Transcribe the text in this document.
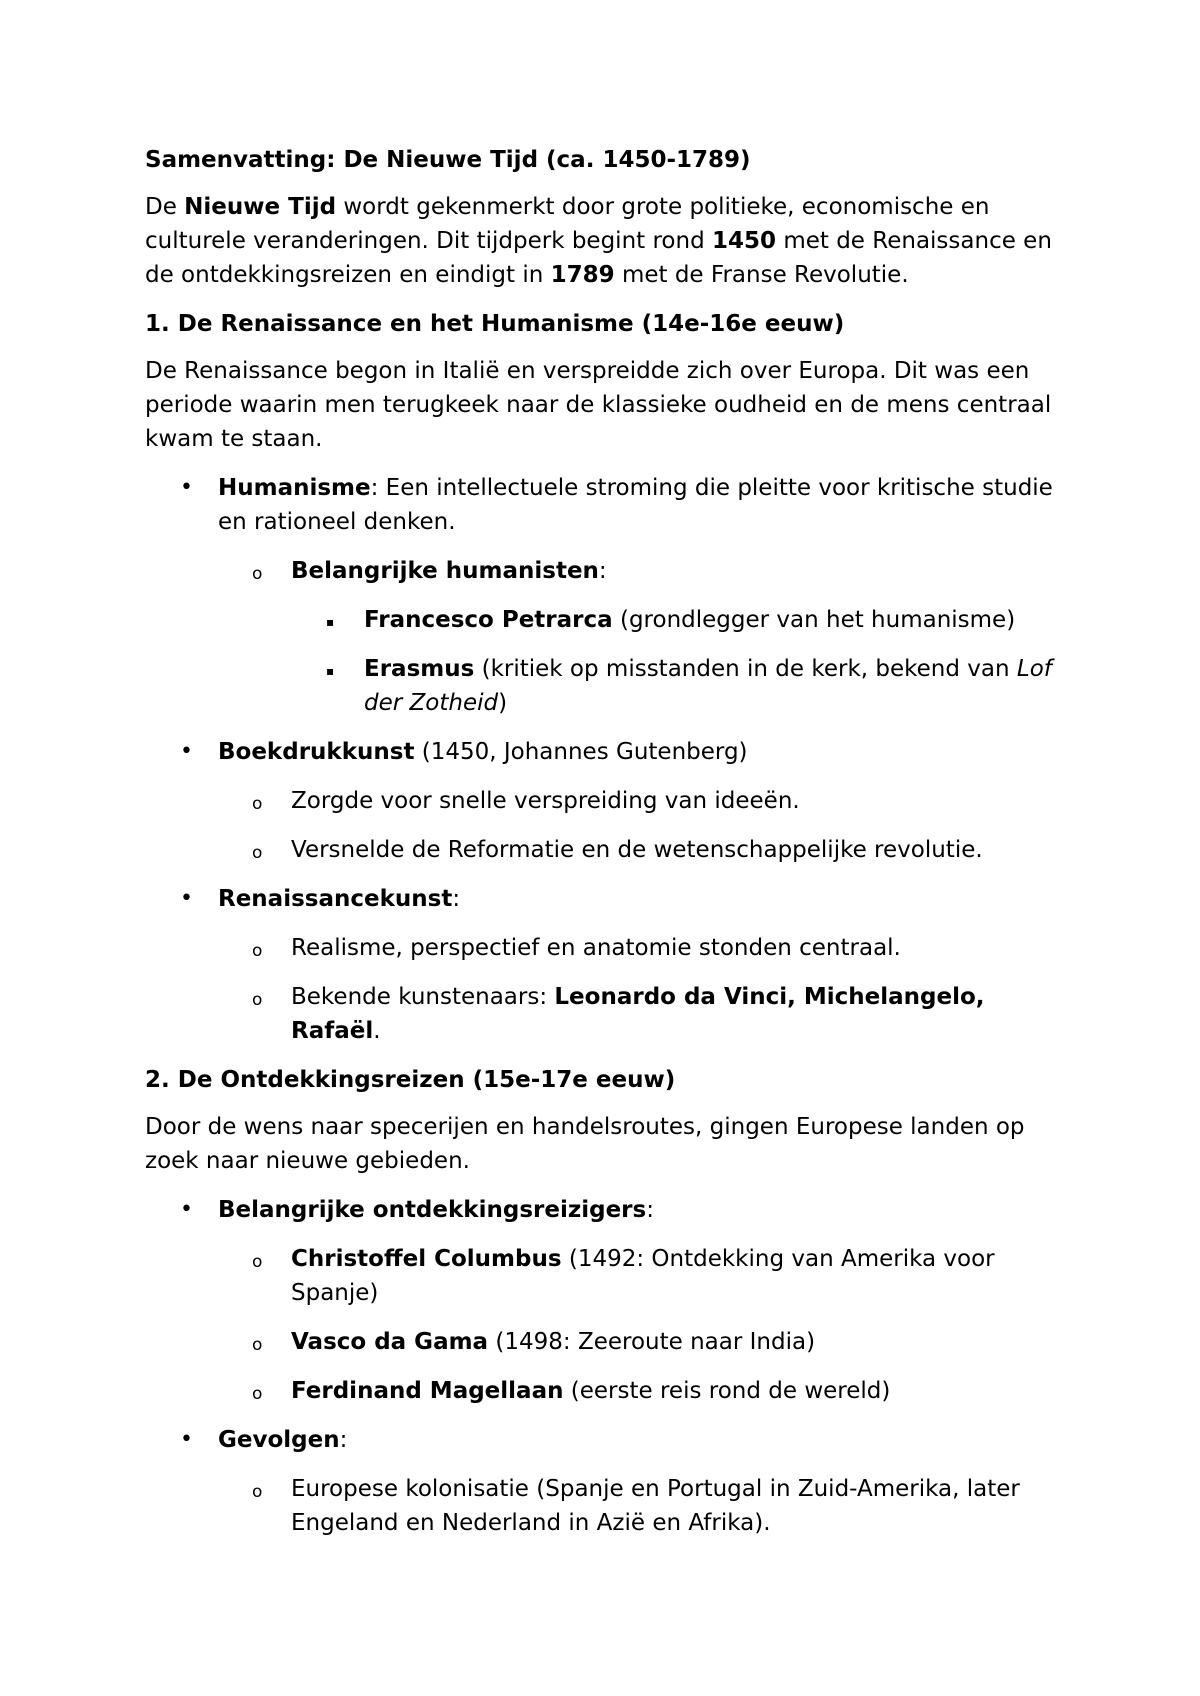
Samenvatting: De Nieuwe Tijd (ca. 1450-1789)

De Nieuwe Tijd wordt gekenmerkt door grote politieke, economische en culturele veranderingen. Dit tijdperk begint rond 1450 met de Renaissance en de ontdekkingsreizen en eindigt in 1789 met de Franse Revolutie.

1. De Renaissance en het Humanisme (14e-16e eeuw)

De Renaissance begon in Italië en verspreidde zich over Europa. Dit was een periode waarin men terugkeek naar de klassieke oudheid en de mens centraal kwam te staan.

• Humanisme: Een intellectuele stroming die pleitte voor kritische studie en rationeel denken.
o Belangrijke humanisten:
▪ Francesco Petrarca (grondlegger van het humanisme)
▪ Erasmus (kritiek op misstanden in de kerk, bekend van Lof der Zotheid)
• Boekdrukkunst (1450, Johannes Gutenberg)
o Zorgde voor snelle verspreiding van ideeën.
o Versnelde de Reformatie en de wetenschappelijke revolutie.
• Renaissancekunst:
o Realisme, perspectief en anatomie stonden centraal.
o Bekende kunstenaars: Leonardo da Vinci, Michelangelo, Rafaël.

2. De Ontdekkingsreizen (15e-17e eeuw)

Door de wens naar specerijen en handelsroutes, gingen Europese landen op zoek naar nieuwe gebieden.

• Belangrijke ontdekkingsreizigers:
o Christoffel Columbus (1492: Ontdekking van Amerika voor Spanje)
o Vasco da Gama (1498: Zeeroute naar India)
o Ferdinand Magellaan (eerste reis rond de wereld)
• Gevolgen:
o Europese kolonisatie (Spanje en Portugal in Zuid-Amerika, later Engeland en Nederland in Azië en Afrika).
